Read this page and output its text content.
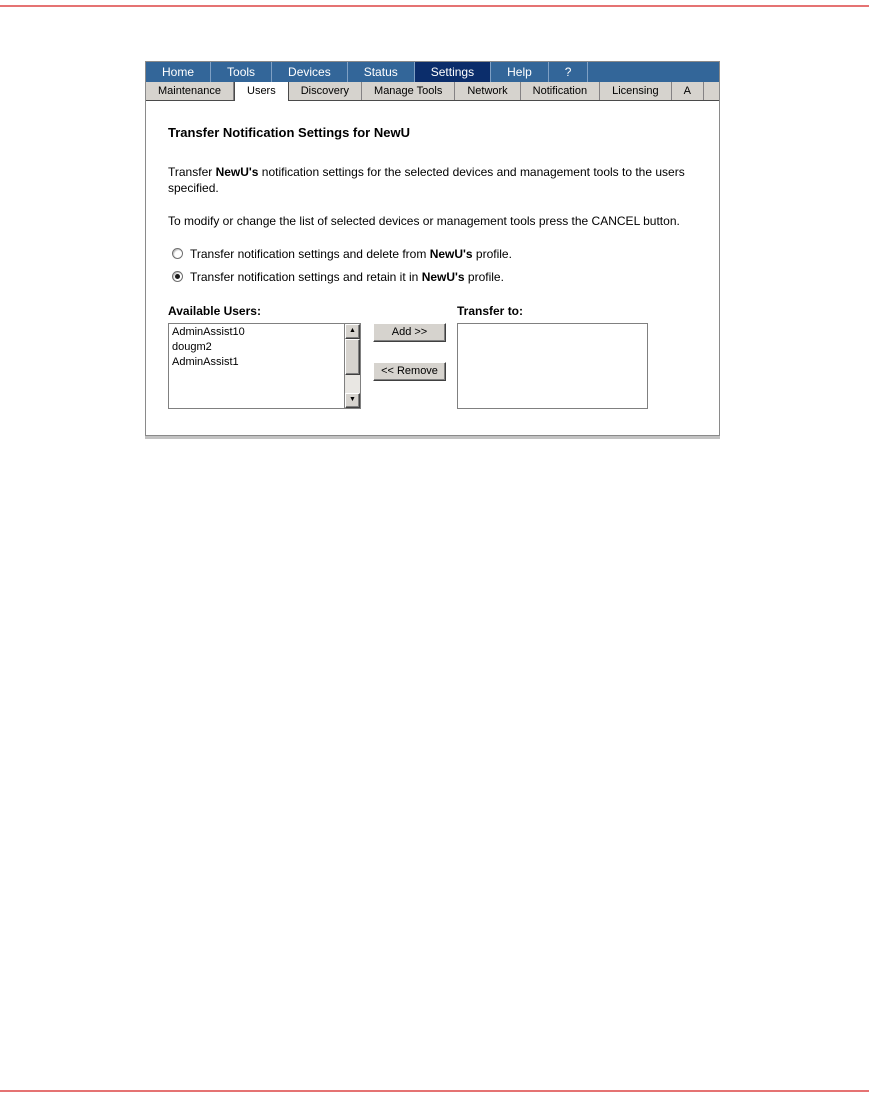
Home	Tools	Devices	Status	Settings	Help	?
Maintenance	Users	Discovery	Manage Tools	Network	Notification	Licensing	A
Transfer Notification Settings for NewU

Transfer NewU's notification settings for the selected devices and management tools to the users specified.

To modify or change the list of selected devices or management tools press the CANCEL button.

Transfer notification settings and delete from NewU's profile.
Transfer notification settings and retain it in NewU's profile.
Available Users:
AdminAssist10
dougm2
AdminAssist1
▲
▼
Add >>
<< Remove
Transfer to:
